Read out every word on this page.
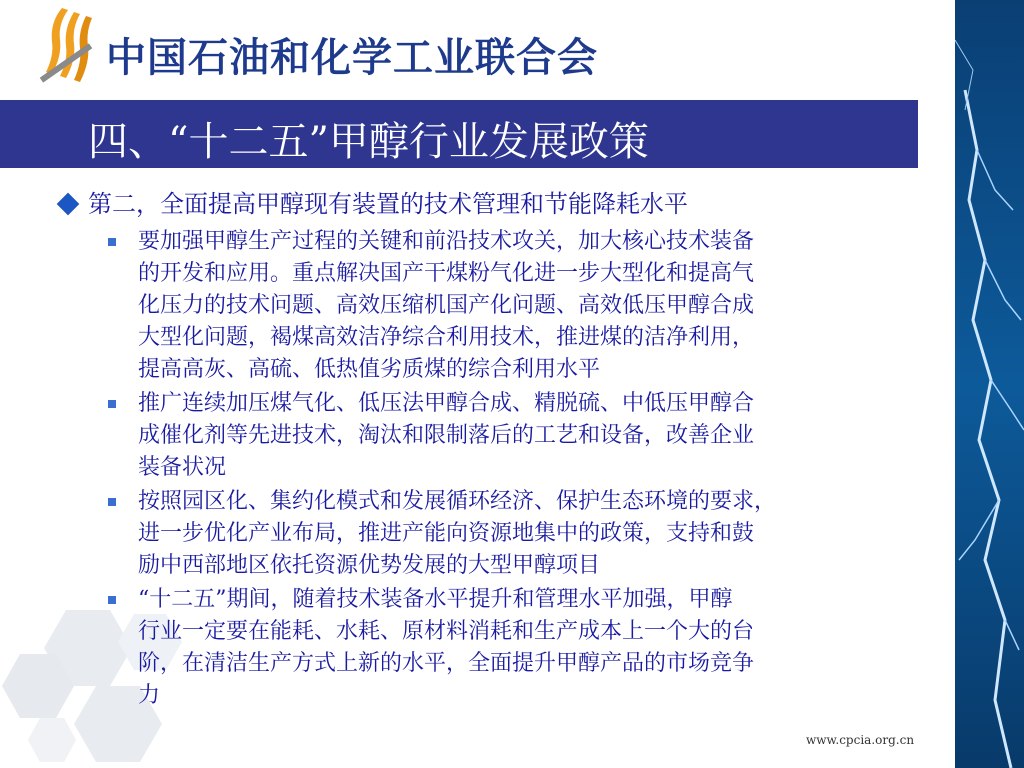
中国石油和化学工业联合会
四、“十二五”甲醇行业发展政策
第二，全面提高甲醇现有装置的技术管理和节能降耗水平
要加强甲醇生产过程的关键和前沿技术攻关，加大核心技术装备
的开发和应用。重点解决国产干煤粉气化进一步大型化和提高气
化压力的技术问题、高效压缩机国产化问题、高效低压甲醇合成
大型化问题，褐煤高效洁净综合利用技术，推进煤的洁净利用，
提高高灰、高硫、低热值劣质煤的综合利用水平
推广连续加压煤气化、低压法甲醇合成、精脱硫、中低压甲醇合
成催化剂等先进技术，淘汰和限制落后的工艺和设备，改善企业
装备状况
按照园区化、集约化模式和发展循环经济、保护生态环境的要求，
进一步优化产业布局，推进产能向资源地集中的政策，支持和鼓
励中西部地区依托资源优势发展的大型甲醇项目
“十二五”期间，随着技术装备水平提升和管理水平加强，甲醇
行业一定要在能耗、水耗、原材料消耗和生产成本上一个大的台
阶，在清洁生产方式上新的水平，全面提升甲醇产品的市场竞争
力
www.cpcia.org.cn
